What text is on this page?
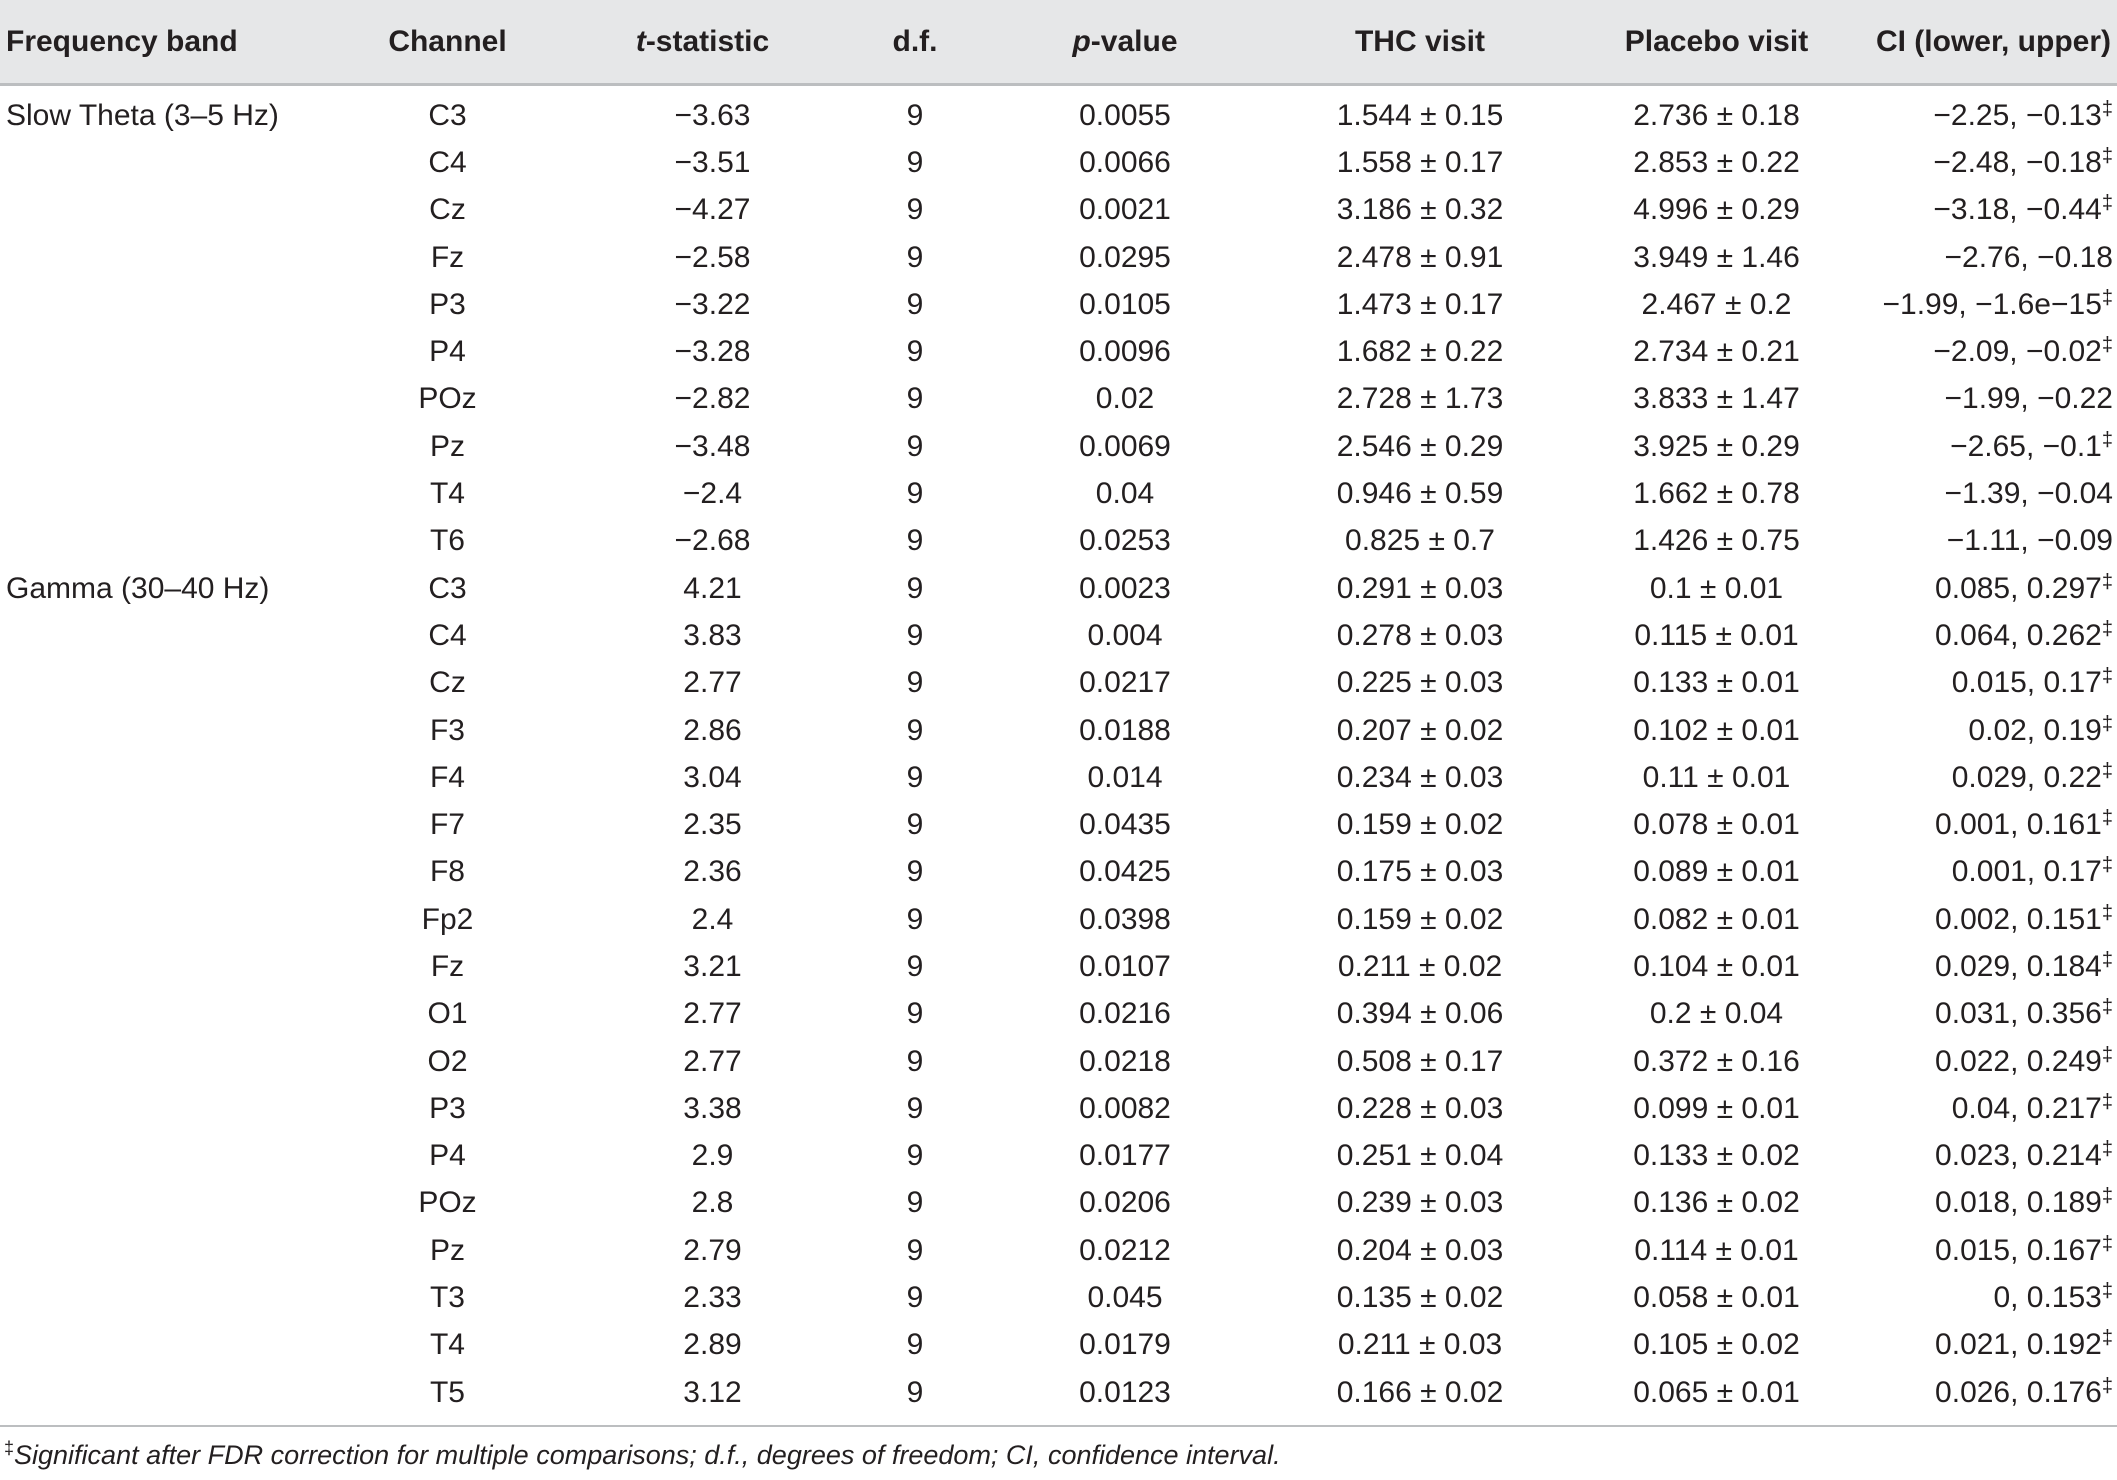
Frequency band	Channel	t-statistic	d.f.	p-value	THC visit	Placebo visit	CI (lower, upper)
Slow Theta (3–5 Hz)	C3	−3.63	9	0.0055	1.544 ± 0.15	2.736 ± 0.18	−2.25, −0.13‡
	C4	−3.51	9	0.0066	1.558 ± 0.17	2.853 ± 0.22	−2.48, −0.18‡
	Cz	−4.27	9	0.0021	3.186 ± 0.32	4.996 ± 0.29	−3.18, −0.44‡
	Fz	−2.58	9	0.0295	2.478 ± 0.91	3.949 ± 1.46	−2.76, −0.18
	P3	−3.22	9	0.0105	1.473 ± 0.17	2.467 ± 0.2	−1.99, −1.6e−15‡
	P4	−3.28	9	0.0096	1.682 ± 0.22	2.734 ± 0.21	−2.09, −0.02‡
	POz	−2.82	9	0.02	2.728 ± 1.73	3.833 ± 1.47	−1.99, −0.22
	Pz	−3.48	9	0.0069	2.546 ± 0.29	3.925 ± 0.29	−2.65, −0.1‡
	T4	−2.4	9	0.04	0.946 ± 0.59	1.662 ± 0.78	−1.39, −0.04
	T6	−2.68	9	0.0253	0.825 ± 0.7	1.426 ± 0.75	−1.11, −0.09
Gamma (30–40 Hz)	C3	4.21	9	0.0023	0.291 ± 0.03	0.1 ± 0.01	0.085, 0.297‡
	C4	3.83	9	0.004	0.278 ± 0.03	0.115 ± 0.01	0.064, 0.262‡
	Cz	2.77	9	0.0217	0.225 ± 0.03	0.133 ± 0.01	0.015, 0.17‡
	F3	2.86	9	0.0188	0.207 ± 0.02	0.102 ± 0.01	0.02, 0.19‡
	F4	3.04	9	0.014	0.234 ± 0.03	0.11 ± 0.01	0.029, 0.22‡
	F7	2.35	9	0.0435	0.159 ± 0.02	0.078 ± 0.01	0.001, 0.161‡
	F8	2.36	9	0.0425	0.175 ± 0.03	0.089 ± 0.01	0.001, 0.17‡
	Fp2	2.4	9	0.0398	0.159 ± 0.02	0.082 ± 0.01	0.002, 0.151‡
	Fz	3.21	9	0.0107	0.211 ± 0.02	0.104 ± 0.01	0.029, 0.184‡
	O1	2.77	9	0.0216	0.394 ± 0.06	0.2 ± 0.04	0.031, 0.356‡
	O2	2.77	9	0.0218	0.508 ± 0.17	0.372 ± 0.16	0.022, 0.249‡
	P3	3.38	9	0.0082	0.228 ± 0.03	0.099 ± 0.01	0.04, 0.217‡
	P4	2.9	9	0.0177	0.251 ± 0.04	0.133 ± 0.02	0.023, 0.214‡
	POz	2.8	9	0.0206	0.239 ± 0.03	0.136 ± 0.02	0.018, 0.189‡
	Pz	2.79	9	0.0212	0.204 ± 0.03	0.114 ± 0.01	0.015, 0.167‡
	T3	2.33	9	0.045	0.135 ± 0.02	0.058 ± 0.01	0, 0.153‡
	T4	2.89	9	0.0179	0.211 ± 0.03	0.105 ± 0.02	0.021, 0.192‡
	T5	3.12	9	0.0123	0.166 ± 0.02	0.065 ± 0.01	0.026, 0.176‡
‡Significant after FDR correction for multiple comparisons; d.f., degrees of freedom; CI, confidence interval.
